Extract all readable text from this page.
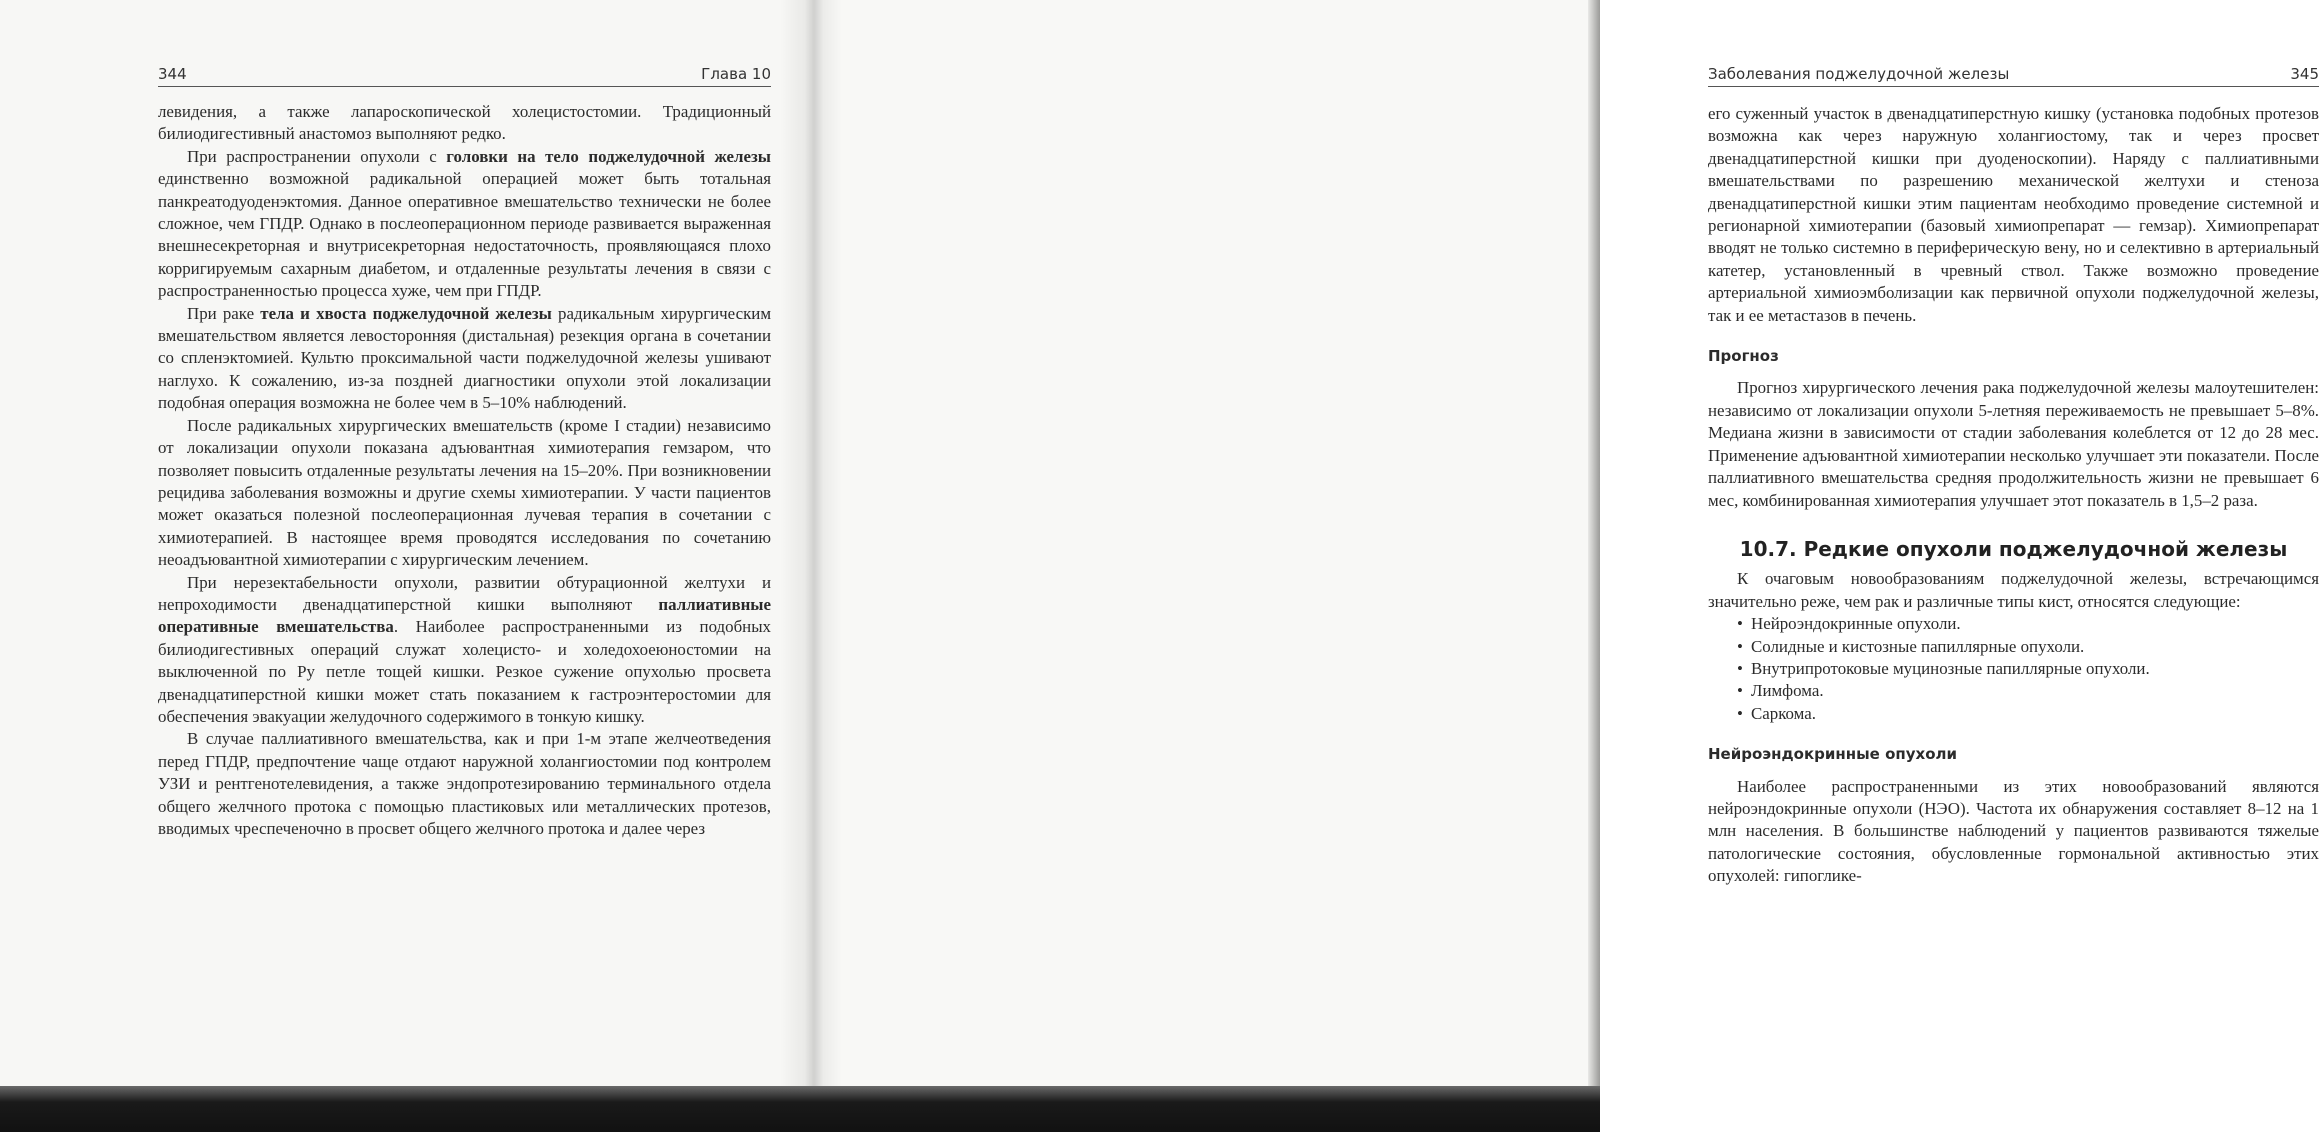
344	Глава 10

левидения, а также лапароскопической холецистостомии. Традиционный билиодигестивный анастомоз выполняют редко.

При распространении опухоли с головки на тело поджелудочной железы единственно возможной радикальной операцией может быть тотальная панкреатодуоденэктомия. Данное оперативное вмешательство технически не более сложное, чем ГПДР. Однако в послеоперационном периоде развивается выраженная внешнесекреторная и внутрисекреторная недостаточность, проявляющаяся плохо корригируемым сахарным диабетом, и отдаленные результаты лечения в связи с распространенностью процесса хуже, чем при ГПДР.

При раке тела и хвоста поджелудочной железы радикальным хирургическим вмешательством является левосторонняя (дистальная) резекция органа в сочетании со спленэктомией. Культю проксимальной части поджелудочной железы ушивают наглухо. К сожалению, из-за поздней диагностики опухоли этой локализации подобная операция возможна не более чем в 5–10% наблюдений.

После радикальных хирургических вмешательств (кроме I стадии) независимо от локализации опухоли показана адъювантная химиотерапия гемзаром, что позволяет повысить отдаленные результаты лечения на 15–20%. При возникновении рецидива заболевания возможны и другие схемы химиотерапии. У части пациентов может оказаться полезной послеоперационная лучевая терапия в сочетании с химиотерапией. В настоящее время проводятся исследования по сочетанию неоадъювантной химиотерапии с хирургическим лечением.

При нерезектабельности опухоли, развитии обтурационной желтухи и непроходимости двенадцатиперстной кишки выполняют паллиативные оперативные вмешательства. Наиболее распространенными из подобных билиодигестивных операций служат холецисто- и холедохоеюностомии на выключенной по Ру петле тощей кишки. Резкое сужение опухолью просвета двенадцатиперстной кишки может стать показанием к гастроэнтеростомии для обеспечения эвакуации желудочного содержимого в тонкую кишку.

В случае паллиативного вмешательства, как и при 1-м этапе желчеотведения перед ГПДР, предпочтение чаще отдают наружной холангиостомии под контролем УЗИ и рентгенотелевидения, а также эндопротезированию терминального отдела общего желчного протока с помощью пластиковых или металлических протезов, вводимых чреспеченочно в просвет общего желчного протока и далее через

Заболевания поджелудочной железы	345

его суженный участок в двенадцатиперстную кишку (установка подобных протезов возможна как через наружную холангиостому, так и через просвет двенадцатиперстной кишки при дуоденоскопии). Наряду с паллиативными вмешательствами по разрешению механической желтухи и стеноза двенадцатиперстной кишки этим пациентам необходимо проведение системной и регионарной химиотерапии (базовый химиопрепарат — гемзар). Химиопрепарат вводят не только системно в периферическую вену, но и селективно в артериальный катетер, установленный в чревный ствол. Также возможно проведение артериальной химиоэмболизации как первичной опухоли поджелудочной железы, так и ее метастазов в печень.

Прогноз

Прогноз хирургического лечения рака поджелудочной железы малоутешителен: независимо от локализации опухоли 5-летняя переживаемость не превышает 5–8%. Медиана жизни в зависимости от стадии заболевания колеблется от 12 до 28 мес. Применение адъювантной химиотерапии несколько улучшает эти показатели. После паллиативного вмешательства средняя продолжительность жизни не превышает 6 мес, комбинированная химиотерапия улучшает этот показатель в 1,5–2 раза.

10.7. Редкие опухоли поджелудочной железы

К очаговым новообразованиям поджелудочной железы, встречающимся значительно реже, чем рак и различные типы кист, относятся следующие:

• Нейроэндокринные опухоли.
• Солидные и кистозные папиллярные опухоли.
• Внутрипротоковые муцинозные папиллярные опухоли.
• Лимфома.
• Саркома.
Нейроэндокринные опухоли

Наиболее распространенными из этих новообразований являются нейроэндокринные опухоли (НЭО). Частота их обнаружения составляет 8–12 на 1 млн населения. В большинстве наблюдений у пациентов развиваются тяжелые патологические состояния, обусловленные гормональной активностью этих опухолей: гипоглике-
